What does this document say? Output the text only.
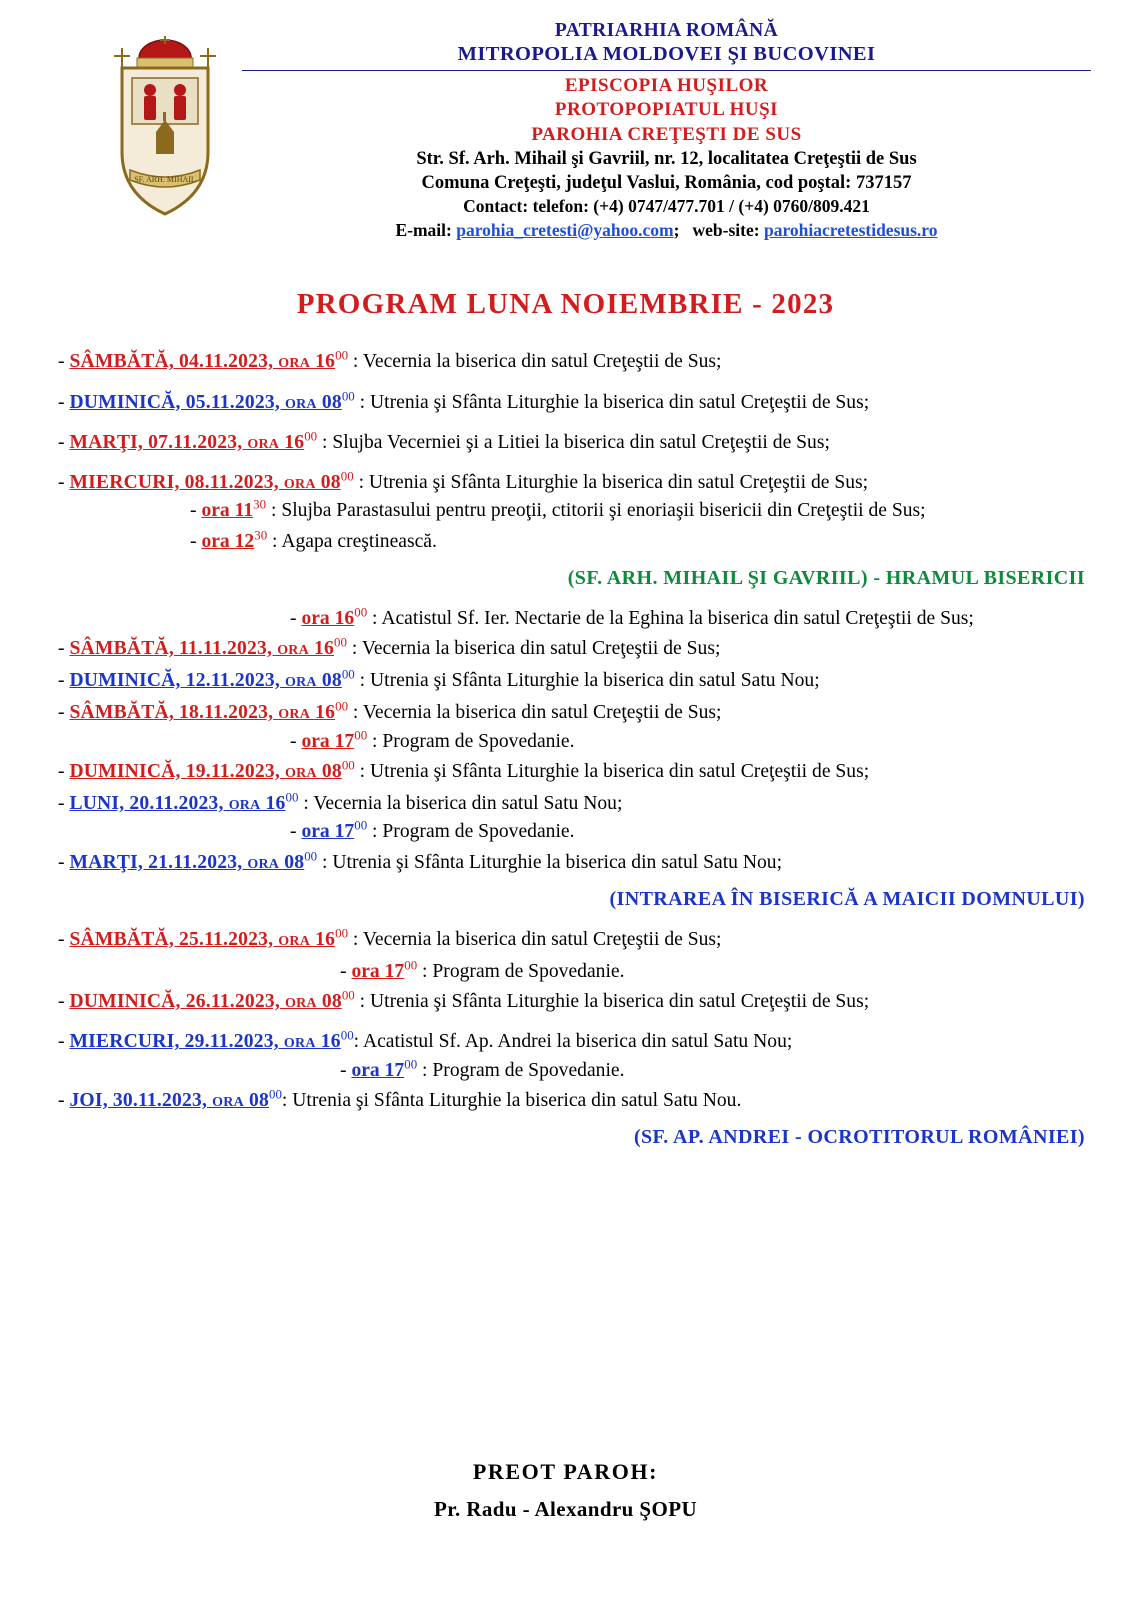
SF. ARH. MIHAIL
PATRIARHIA ROMÂNĂ
MITROPOLIA MOLDOVEI ŞI BUCOVINEI
EPISCOPIA HUŞILOR
PROTOPOPIATUL HUŞI
PAROHIA CREŢEŞTI DE SUS
Str. Sf. Arh. Mihail şi Gavriil, nr. 12, localitatea Creţeştii de Sus
Comuna Creţeşti, judeţul Vaslui, România, cod poştal: 737157
Contact: telefon: (+4) 0747/477.701 / (+4) 0760/809.421
E-mail: parohia_cretesti@yahoo.com;   web-site: parohiacretestidesus.ro
PROGRAM LUNA NOIEMBRIE - 2023
- SÂMBĂTĂ, 04.11.2023, ora $16^{00}$ : Vecernia la biserica din satul Creţeştii de Sus;
- DUMINICĂ, 05.11.2023, ora $08^{00}$ : Utrenia şi Sfânta Liturghie la biserica din satul Creţeştii de Sus;
- MARŢI, 07.11.2023, ora $16^{00}$ : Slujba Vecerniei şi a Litiei la biserica din satul Creţeştii de Sus;
- MIERCURI, 08.11.2023, ora $08^{00}$ : Utrenia şi Sfânta Liturghie la biserica din satul Creţeştii de Sus;
- ora $11^{30}$ : Slujba Parastasului pentru preoţii, ctitorii şi enoriaşii bisericii din Creţeştii de Sus;
- ora $12^{30}$ : Agapa creştinească.
(SF. ARH. MIHAIL ŞI GAVRIIL) - HRAMUL BISERICII
- ora $16^{00}$ : Acatistul Sf. Ier. Nectarie de la Eghina la biserica din satul Creţeştii de Sus;
- SÂMBĂTĂ, 11.11.2023, ora $16^{00}$ : Vecernia la biserica din satul Creţeştii de Sus;
- DUMINICĂ, 12.11.2023, ora $08^{00}$ : Utrenia şi Sfânta Liturghie la biserica din satul Satu Nou;
- SÂMBĂTĂ, 18.11.2023, ora $16^{00}$ : Vecernia la biserica din satul Creţeştii de Sus;
- ora $17^{00}$ : Program de Spovedanie.
- DUMINICĂ, 19.11.2023, ora $08^{00}$ : Utrenia şi Sfânta Liturghie la biserica din satul Creţeştii de Sus;
- LUNI, 20.11.2023, ora $16^{00}$ : Vecernia la biserica din satul Satu Nou;
- ora $17^{00}$ : Program de Spovedanie.
- MARŢI, 21.11.2023, ora $08^{00}$ : Utrenia şi Sfânta Liturghie la biserica din satul Satu Nou;
(INTRAREA ÎN BISERICĂ A MAICII DOMNULUI)
- SÂMBĂTĂ, 25.11.2023, ora $16^{00}$ : Vecernia la biserica din satul Creţeştii de Sus;
- ora $17^{00}$ : Program de Spovedanie.
- DUMINICĂ, 26.11.2023, ora $08^{00}$ : Utrenia şi Sfânta Liturghie la biserica din satul Creţeştii de Sus;
- MIERCURI, 29.11.2023, ora $16^{00}$: Acatistul Sf. Ap. Andrei la biserica din satul Satu Nou;
- ora $17^{00}$ : Program de Spovedanie.
- JOI, 30.11.2023, ora $08^{00}$: Utrenia şi Sfânta Liturghie la biserica din satul Satu Nou.
(SF. AP. ANDREI - OCROTITORUL ROMÂNIEI)
PREOT PAROH:
Pr. Radu - Alexandru ŞOPU
